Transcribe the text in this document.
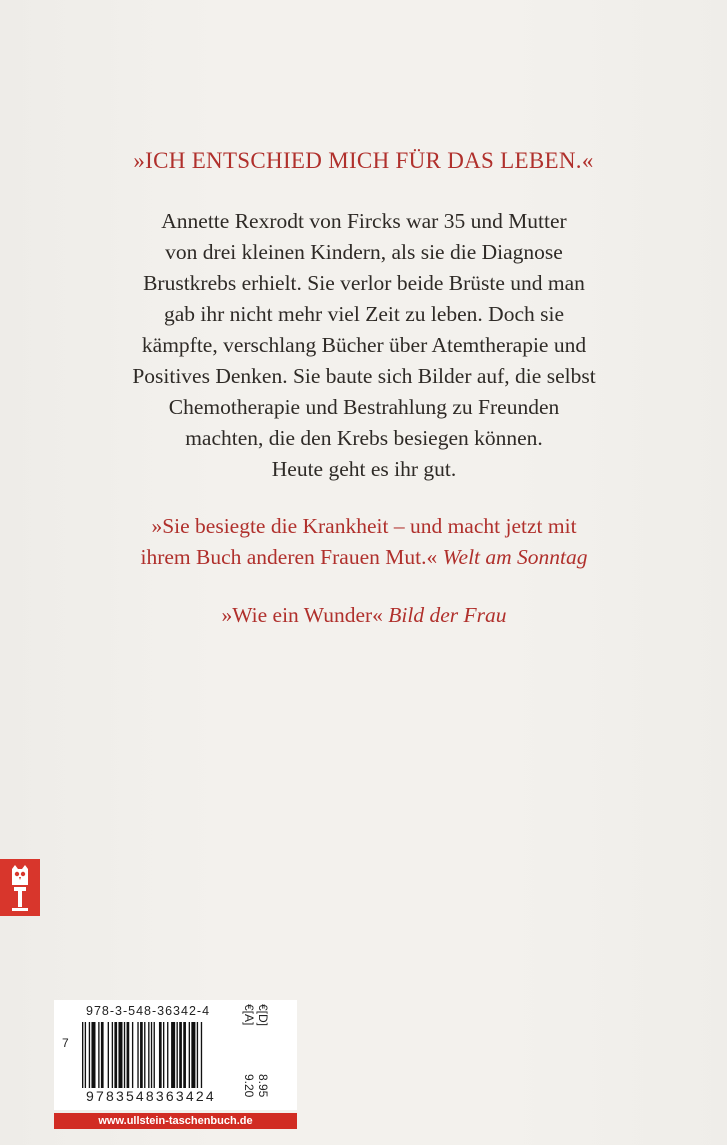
»ICH ENTSCHIED MICH FÜR DAS LEBEN.«
Annette Rexrodt von Fircks war 35 und Mutter
von drei kleinen Kindern, als sie die Diagnose
Brustkrebs erhielt. Sie verlor beide Brüste und man
gab ihr nicht mehr viel Zeit zu leben. Doch sie
kämpfte, verschlang Bücher über Atemtherapie und
Positives Denken. Sie baute sich Bilder auf, die selbst
Chemotherapie und Bestrahlung zu Freunden
machten, die den Krebs besiegen können.
Heute geht es ihr gut.
»Sie besiegte die Krankheit – und macht jetzt mit
ihrem Buch anderen Frauen Mut.« Welt am Sonntag
»Wie ein Wunder« Bild der Frau
978-3-548-36342-4
7
9783548363424
€[D]
€[A]
8.95
9.20
www.ullstein-taschenbuch.de
